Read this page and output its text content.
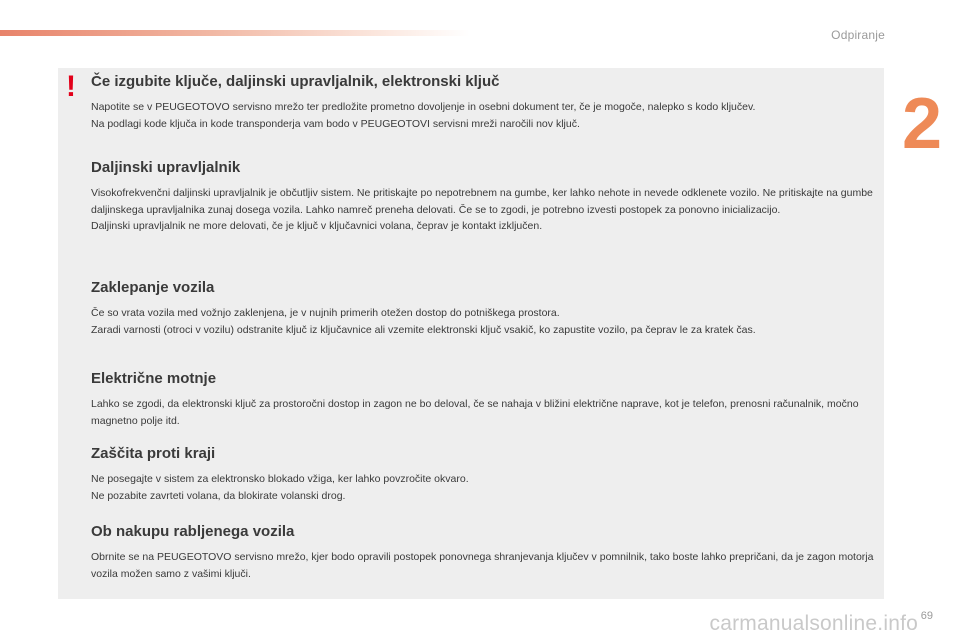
Odpiranje
2
! Če izgubite ključe, daljinski upravljalnik, elektronski ključ

Napotite se v PEUGEOTOVO servisno mrežo ter predložite prometno dovoljenje in osebni dokument ter, če je mogoče, nalepko s kodo ključev.

Na podlagi kode ključa in kode transponderja vam bodo v PEUGEOTOVI servisni mreži naročili nov ključ.

Daljinski upravljalnik

Visokofrekvenčni daljinski upravljalnik je občutljiv sistem. Ne pritiskajte po nepotrebnem na gumbe, ker lahko nehote in nevede odklenete vozilo. Ne pritiskajte na gumbe daljinskega upravljalnika zunaj dosega vozila. Lahko namreč preneha delovati. Če se to zgodi, je potrebno izvesti postopek za ponovno inicializacijo.

Daljinski upravljalnik ne more delovati, če je ključ v ključavnici volana, čeprav je kontakt izključen.

Zaklepanje vozila

Če so vrata vozila med vožnjo zaklenjena, je v nujnih primerih otežen dostop do potniškega prostora.

Zaradi varnosti (otroci v vozilu) odstranite ključ iz ključavnice ali vzemite elektronski ključ vsakič, ko zapustite vozilo, pa čeprav le za kratek čas.

Električne motnje

Lahko se zgodi, da elektronski ključ za prostoročni dostop in zagon ne bo deloval, če se nahaja v bližini električne naprave, kot je telefon, prenosni računalnik, močno magnetno polje itd.

Zaščita proti kraji

Ne posegajte v sistem za elektronsko blokado vžiga, ker lahko povzročite okvaro.

Ne pozabite zavrteti volana, da blokirate volanski drog.

Ob nakupu rabljenega vozila

Obrnite se na PEUGEOTOVO servisno mrežo, kjer bodo opravili postopek ponovnega shranjevanja ključev v pomnilnik, tako boste lahko prepričani, da je zagon motorja vozila možen samo z vašimi ključi.

69
carmanualsonline.info
